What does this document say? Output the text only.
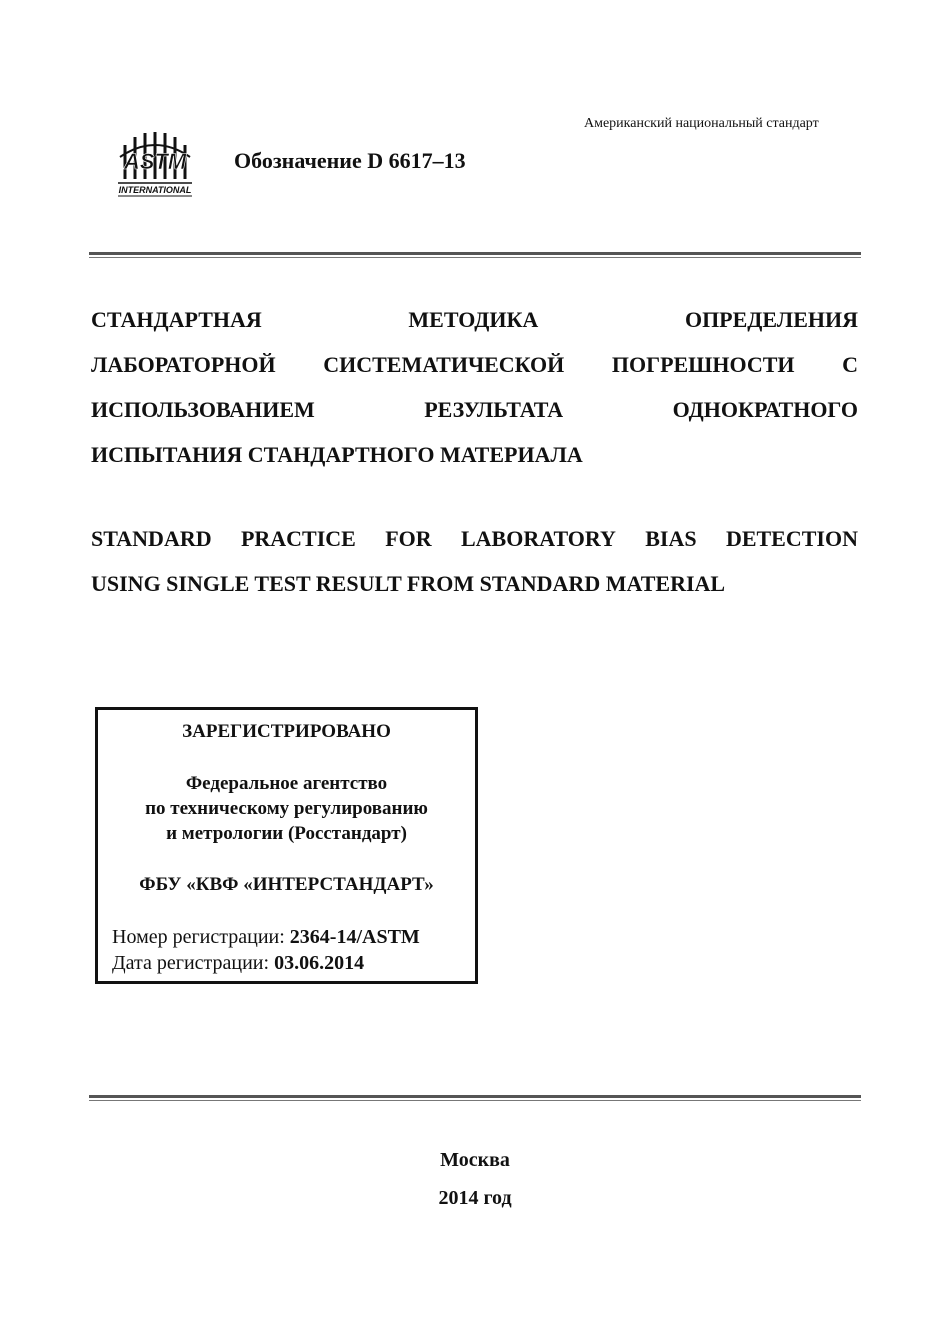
Американский национальный стандарт
ASTM
INTERNATIONAL
Обозначение D 6617–13
СТАНДАРТНАЯ	МЕТОДИКА	ОПРЕДЕЛЕНИЯ
ЛАБОРАТОРНОЙ СИСТЕМАТИЧЕСКОЙ ПОГРЕШНОСТИ С
ИСПОЛЬЗОВАНИЕМ	РЕЗУЛЬТАТА	ОДНОКРАТНОГО
ИСПЫТАНИЯ СТАНДАРТНОГО МАТЕРИАЛА
STANDARD PRACTICE FOR LABORATORY BIAS DETECTION
USING SINGLE TEST RESULT FROM STANDARD MATERIAL
ЗАРЕГИСТРИРОВАНО
Федеральное агентство
по техническому регулированию
и метрологии (Росстандарт)
ФБУ «КВФ «ИНТЕРСТАНДАРТ»
Номер регистрации: 2364-14/ASTM
Дата регистрации: 03.06.2014
Москва
2014 год
